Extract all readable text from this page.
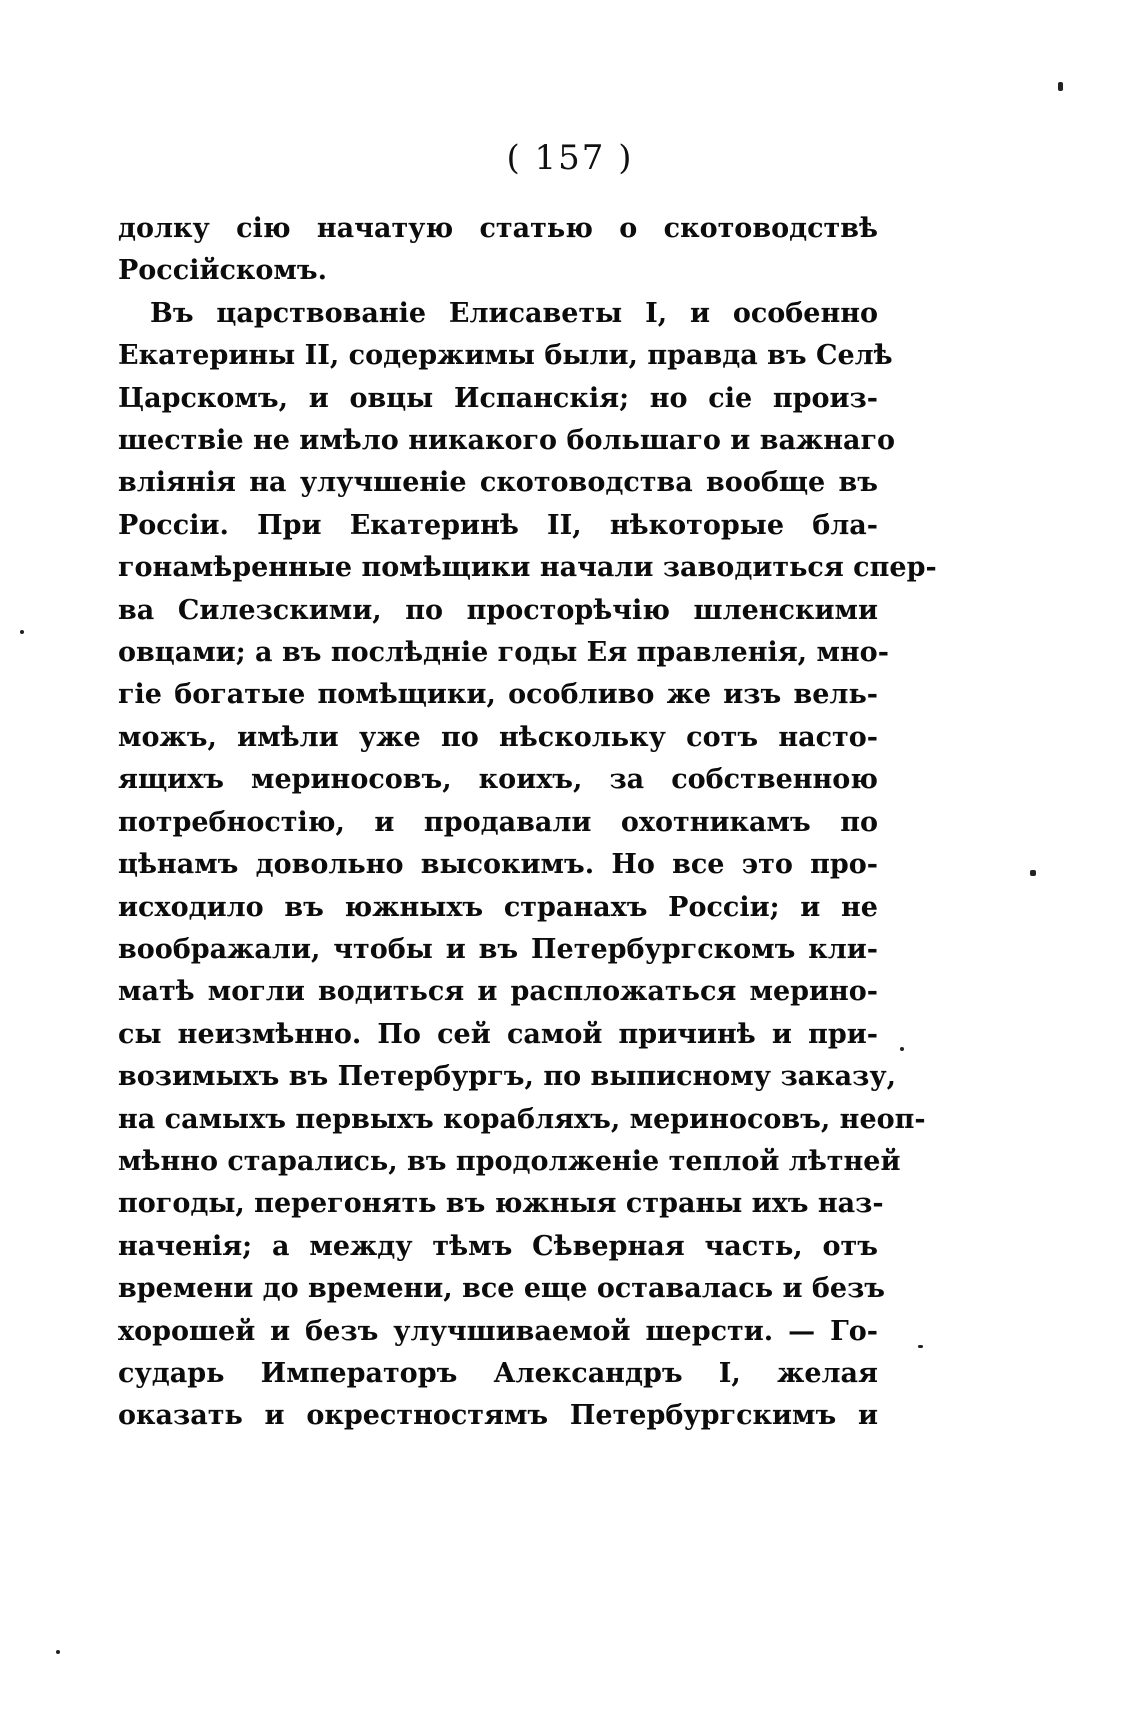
( 157 )
долку сію начатую статью о скотоводствѣ
Россійскомъ.
Въ царствованіе Елисаветы I, и особенно
Екатерины II, содержимы были, правда въ Селѣ
Царскомъ, и овцы Испанскія; но сіе произ-
шествіе не имѣло никакого большаго и важнаго
вліянія на улучшеніе скотоводства вообще въ
Россіи. При Екатеринѣ II, нѣкоторые бла-
гонамѣренные помѣщики начали заводиться спер-
ва Силезскими, по просторѣчію шленскими
овцами; а въ послѣдніе годы Ея правленія, мно-
гіе богатые помѣщики, особливо же изъ вель-
можъ, имѣли уже по нѣскольку сотъ насто-
ящихъ мериносовъ, коихъ, за собственною
потребностію, и продавали охотникамъ по
цѣнамъ довольно высокимъ. Но все это про-
исходило въ южныхъ странахъ Россіи; и не
воображали, чтобы и въ Петербургскомъ кли-
матѣ могли водиться и расплoжаться мерино-
сы неизмѣнно. По сей самой причинѣ и при-
возимыхъ въ Петербургъ, по выписному заказу,
на самыхъ первыхъ корабляхъ, мериносовъ, неоп-
мѣнно старались, въ продолженіе теплой лѣтней
погоды, перегонять въ южныя страны ихъ наз-
наченія; а между тѣмъ Сѣверная часть, отъ
времени до времени, все еще оставалась и безъ
хорошей и безъ улучшиваемой шерсти. — Го-
сударь Императоръ Александръ I, желая
оказать и окрестностямъ Петербургскимъ и
